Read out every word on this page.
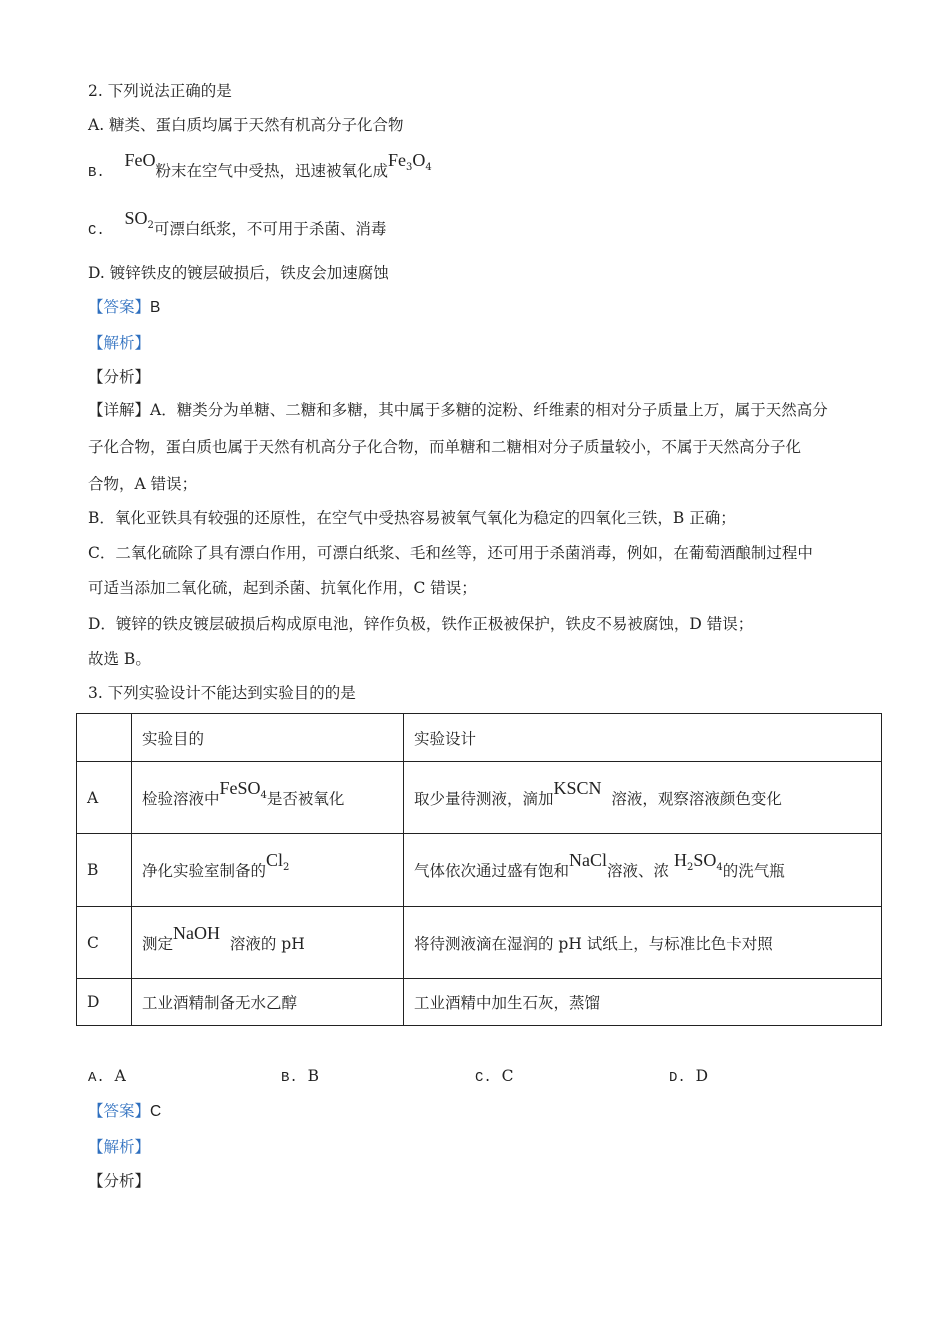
2. 下列说法正确的是
A. 糖类、蛋白质均属于天然有机高分子化合物
B.    FeO粉末在空气中受热，迅速被氧化成$Fe_3O_4$
C.    $SO_2$可漂白纸浆，不可用于杀菌、消毒
D. 镀锌铁皮的镀层破损后，铁皮会加速腐蚀
【答案】B
【解析】
【分析】
【详解】A．糖类分为单糖、二糖和多糖，其中属于多糖的淀粉、纤维素的相对分子质量上万，属于天然高分
子化合物，蛋白质也属于天然有机高分子化合物，而单糖和二糖相对分子质量较小，不属于天然高分子化
合物，A 错误；
B．氧化亚铁具有较强的还原性，在空气中受热容易被氧气氧化为稳定的四氧化三铁，B 正确；
C．二氧化硫除了具有漂白作用，可漂白纸浆、毛和丝等，还可用于杀菌消毒，例如，在葡萄酒酿制过程中
可适当添加二氧化硫，起到杀菌、抗氧化作用，C 错误；
D．镀锌的铁皮镀层破损后构成原电池，锌作负极，铁作正极被保护，铁皮不易被腐蚀，D 错误；
故选 B。
3. 下列实验设计不能达到实验目的的是
	实验目的	实验设计
A	检验溶液中FeSO$_4$是否被氧化	取少量待测液，滴加KSCN  溶液，观察溶液颜色变化
B	净化实验室制备的$Cl_2$	气体依次通过盛有饱和NaCl溶液、浓 $H_2SO_4$的洗气瓶
C	测定NaOH  溶液的 pH	将待测液滴在湿润的 pH 试纸上，与标准比色卡对照
D	工业酒精制备无水乙醇	工业酒精中加生石灰，蒸馏
A. A	B. B	C. C	D. D
【答案】C
【解析】
【分析】
